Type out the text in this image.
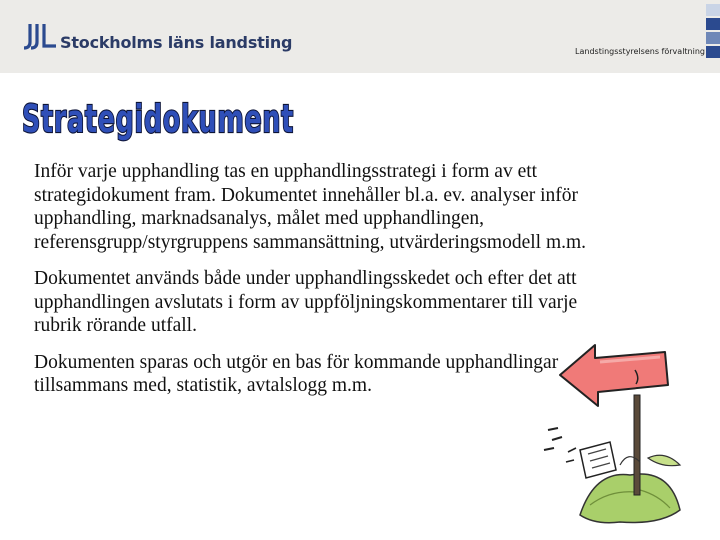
Stockholms läns landsting	Landstingsstyrelsens förvaltning
Strategidokument

Inför varje upphandling tas en upphandlingsstrategi i form av ett strategidokument fram. Dokumentet innehåller bl.a. ev. analyser inför upphandling, marknadsanalys, målet med upphandlingen, referensgrupp/styrgruppens sammansättning, utvärderingsmodell m.m.

Dokumentet används både under upphandlingsskedet och efter det att upphandlingen avslutats i form av uppföljningskommentarer till varje rubrik rörande utfall.

Dokumenten sparas och utgör en bas för kommande upphandlingar tillsammans med, statistik, avtalslogg m.m.
